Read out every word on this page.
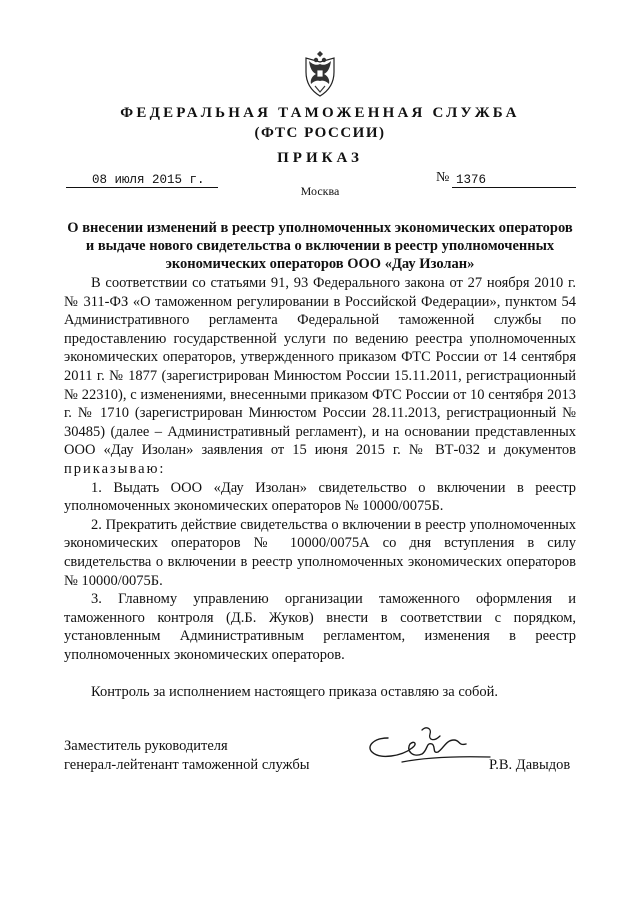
ФЕДЕРАЛЬНАЯ ТАМОЖЕННАЯ СЛУЖБА
(ФТС РОССИИ)
ПРИКАЗ
08 июля 2015 г.	№ 1376
Москва
О внесении изменений в реестр уполномоченных экономических операторов и выдаче нового свидетельства о включении в реестр уполномоченных экономических операторов ООО «Дау Изолан»

В соответствии со статьями 91, 93 Федерального закона от 27 ноября 2010 г. № 311-ФЗ «О таможенном регулировании в Российской Федерации», пунктом 54 Административного регламента Федеральной таможенной службы по предоставлению государственной услуги по ведению реестра уполномоченных экономических операторов, утвержденного приказом ФТС России от 14 сентября 2011 г. № 1877 (зарегистрирован Минюстом России 15.11.2011, регистрационный № 22310), с изменениями, внесенными приказом ФТС России от 10 сентября 2013 г. № 1710 (зарегистрирован Минюстом России 28.11.2013, регистрационный № 30485) (далее – Административный регламент), и на основании представленных ООО «Дау Изолан» заявления от 15 июня 2015 г. № ВТ-032 и документов приказываю:

1. Выдать ООО «Дау Изолан» свидетельство о включении в реестр уполномоченных экономических операторов № 10000/0075Б.

2. Прекратить действие свидетельства о включении в реестр уполномоченных экономических операторов № 10000/0075А со дня вступления в силу свидетельства о включении в реестр уполномоченных экономических операторов № 10000/0075Б.

3. Главному управлению организации таможенного оформления и таможенного контроля (Д.Б. Жуков) внести в соответствии с порядком, установленным Административным регламентом, изменения в реестр уполномоченных экономических операторов.

Контроль за исполнением настоящего приказа оставляю за собой.
Заместитель руководителя
генерал-лейтенант таможенной службы	Р.В. Давыдов
